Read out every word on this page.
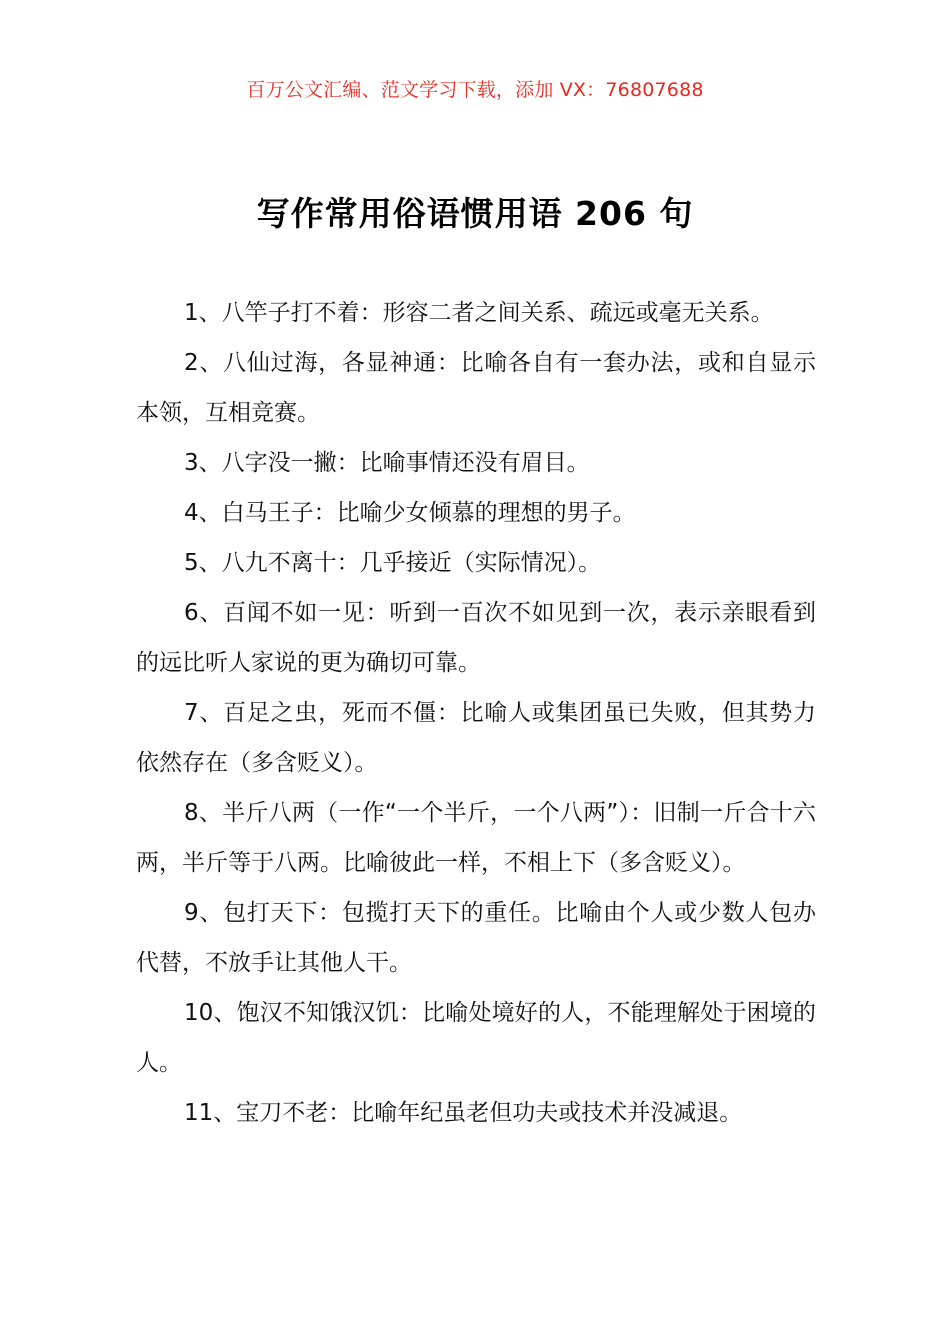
百万公文汇编、范文学习下载，添加 VX：76807688
写作常用俗语惯用语 206 句

1、八竿子打不着：形容二者之间关系、疏远或毫无关系。

2、八仙过海，各显神通：比喻各自有一套办法，或和自显示本领，互相竞赛。

3、八字没一撇：比喻事情还没有眉目。

4、白马王子：比喻少女倾慕的理想的男子。

5、八九不离十：几乎接近（实际情况）。

6、百闻不如一见：听到一百次不如见到一次，表示亲眼看到的远比听人家说的更为确切可靠。

7、百足之虫，死而不僵：比喻人或集团虽已失败，但其势力依然存在（多含贬义）。

8、半斤八两（一作“一个半斤，一个八两”）：旧制一斤合十六两，半斤等于八两。比喻彼此一样，不相上下（多含贬义）。

9、包打天下：包揽打天下的重任。比喻由个人或少数人包办代替，不放手让其他人干。

10、饱汉不知饿汉饥：比喻处境好的人，不能理解处于困境的人。

11、宝刀不老：比喻年纪虽老但功夫或技术并没减退。
